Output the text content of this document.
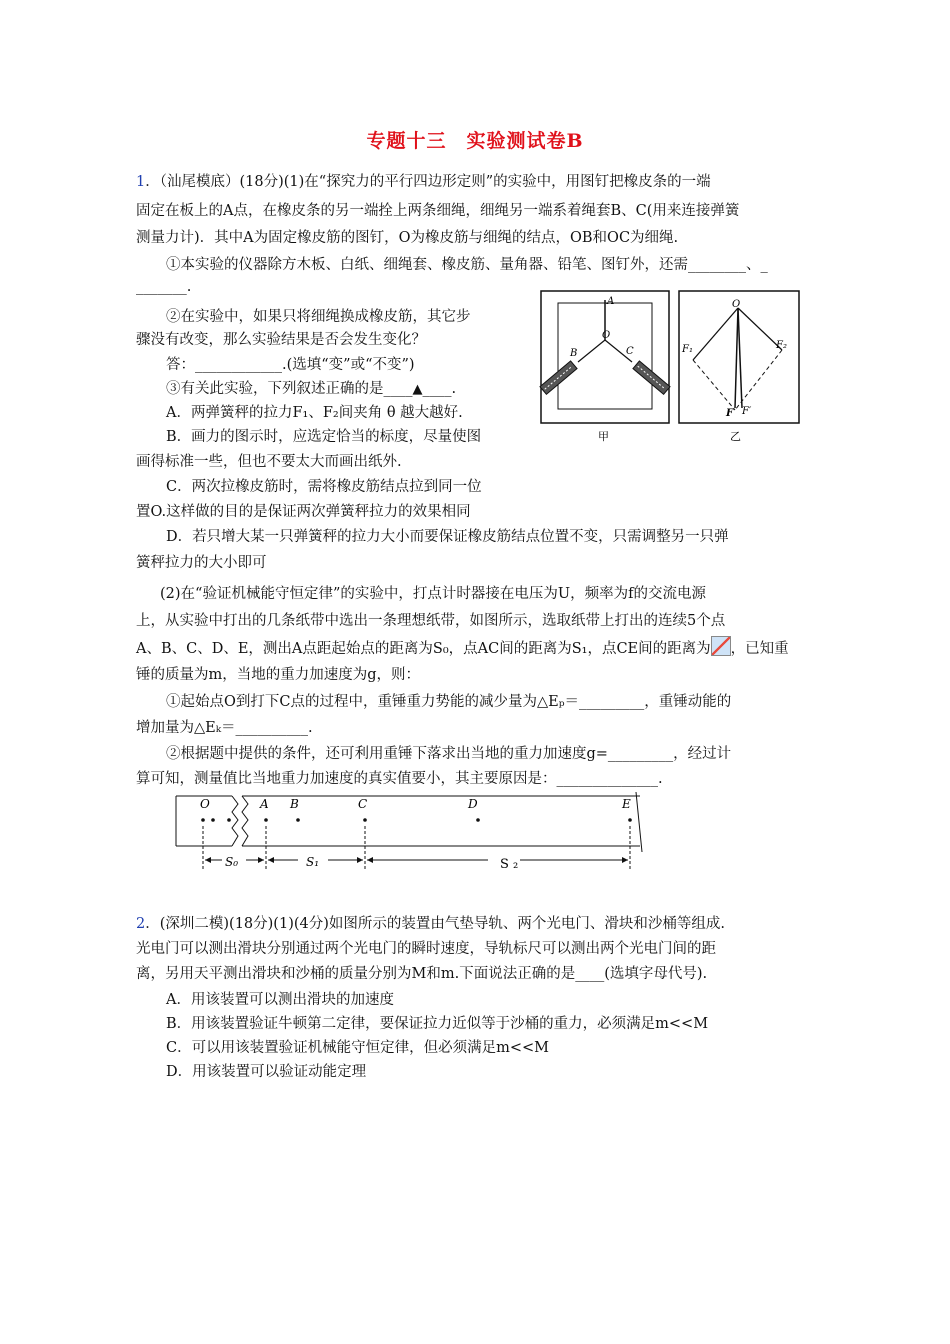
专题十三　实验测试卷B
1．（汕尾模底）(18分)(1)在“探究力的平行四边形定则”的实验中，用图钉把橡皮条的一端
固定在板上的A点，在橡皮条的另一端拴上两条细绳，细绳另一端系着绳套B、C(用来连接弹簧
测量力计)．其中A为固定橡皮筋的图钉，O为橡皮筋与细绳的结点，OB和OC为细绳.
①本实验的仪器除方木板、白纸、细绳套、橡皮筋、量角器、铅笔、图钉外，还需________、_
_______.
②在实验中，如果只将细绳换成橡皮筋，其它步
骤没有改变，那么实验结果是否会发生变化？
答：____________.(选填“变”或“不变”)
③有关此实验，下列叙述正确的是____▲____.
A．两弹簧秤的拉力F₁、F₂间夹角 θ 越大越好.
B．画力的图示时，应选定恰当的标度，尽量使图
画得标准一些，但也不要太大而画出纸外.
C．两次拉橡皮筋时，需将橡皮筋结点拉到同一位
置O.这样做的目的是保证两次弹簧秤拉力的效果相同
D．若只增大某一只弹簧秤的拉力大小而要保证橡皮筋结点位置不变，只需调整另一只弹
簧秤拉力的大小即可
(2)在“验证机械能守恒定律”的实验中，打点计时器接在电压为U，频率为f的交流电源
上，从实验中打出的几条纸带中选出一条理想纸带，如图所示，选取纸带上打出的连续5个点
A、B、C、D、E，测出A点距起始点的距离为S₀，点AC间的距离为S₁，点CE间的距离为 ，已知重
锤的质量为m，当地的重力加速度为g，则：
①起始点O到打下C点的过程中，重锤重力势能的减少量为△Eₚ＝_________，重锤动能的
增加量为△Eₖ＝__________.
②根据题中提供的条件，还可利用重锤下落求出当地的重力加速度g=_________，经过计
算可知，测量值比当地重力加速度的真实值要小，其主要原因是：______________.
A
O
B	C
甲
O
F₁	F₂
F F′
乙
O	A B	C	D	E
S₀	S₁	S ₂
2．(深圳二模)(18分)(1)(4分)如图所示的装置由气垫导轨、两个光电门、滑块和沙桶等组成.
光电门可以测出滑块分别通过两个光电门的瞬时速度，导轨标尺可以测出两个光电门间的距
离，另用天平测出滑块和沙桶的质量分别为M和m.下面说法正确的是____(选填字母代号).
A．用该装置可以测出滑块的加速度
B．用该装置验证牛顿第二定律，要保证拉力近似等于沙桶的重力，必须满足m<<M
C．可以用该装置验证机械能守恒定律，但必须满足m<<M
D．用该装置可以验证动能定理
